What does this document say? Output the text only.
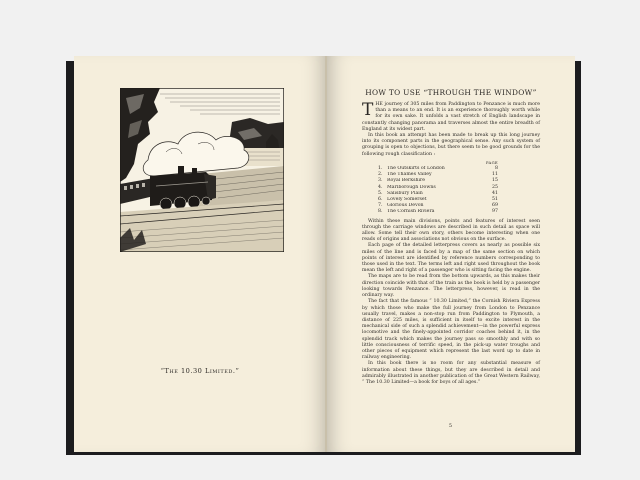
“The 10.30 Limited.”
HOW TO USE “THROUGH THE WINDOW”

THE journey of 305 miles from Paddington to Penzance is much more than a means to an end. It is an experience thoroughly worth while for its own sake. It unfolds a vast stretch of English landscape in constantly changing panorama and traverses almost the entire breadth of England at its widest part.

In this book an attempt has been made to break up this long journey into its component parts in the geographical sense. Any such system of grouping is open to objections, but there seem to be good grounds for the following rough classification :

PAGE
1. The Outskirts of London	8
2. The Thames Valley	11
3. Royal Berkshire	15
4. Marlborough Downs	25
5. Salisbury Plain	41
6. Lovely Somerset	51
7. Glorious Devon	69
8. The Cornish Riviera	97

Within these main divisions, points and features of interest seen through the carriage windows are described in such detail as space will allow. Some tell their own story, others become interesting when one reads of origins and associations not obvious on the surface.

Each page of the detailed letterpress covers as nearly as possible six miles of the line and is faced by a map of the same section on which points of interest are identified by reference numbers corresponding to those used in the text. The terms left and right used throughout the book mean the left and right of a passenger who is sitting facing the engine.

The maps are to be read from the bottom upwards, as this makes their direction coincide with that of the train as the book is held by a passenger looking towards Penzance. The letterpress, however, is read in the ordinary way.

The fact that the famous “ 10.30 Limited,” the Cornish Riviera Express by which those who make the full journey from London to Penzance usually travel, makes a non-stop run from Paddington to Plymouth, a distance of 225 miles, is sufficient in itself to excite interest in the mechanical side of such a splendid achievement—in the powerful express locomotive and the finely-appointed corridor coaches behind it, in the splendid track which makes the journey pass so smoothly and with so little consciousness of terrific speed, in the pick-up water troughs and other pieces of equipment which represent the last word up to date in railway engineering.

In this book there is no room for any substantial measure of information about these things, but they are described in detail and admirably illustrated in another publication of the Great Western Railway, “ The 10.30 Limited—a book for boys of all ages.”

5
